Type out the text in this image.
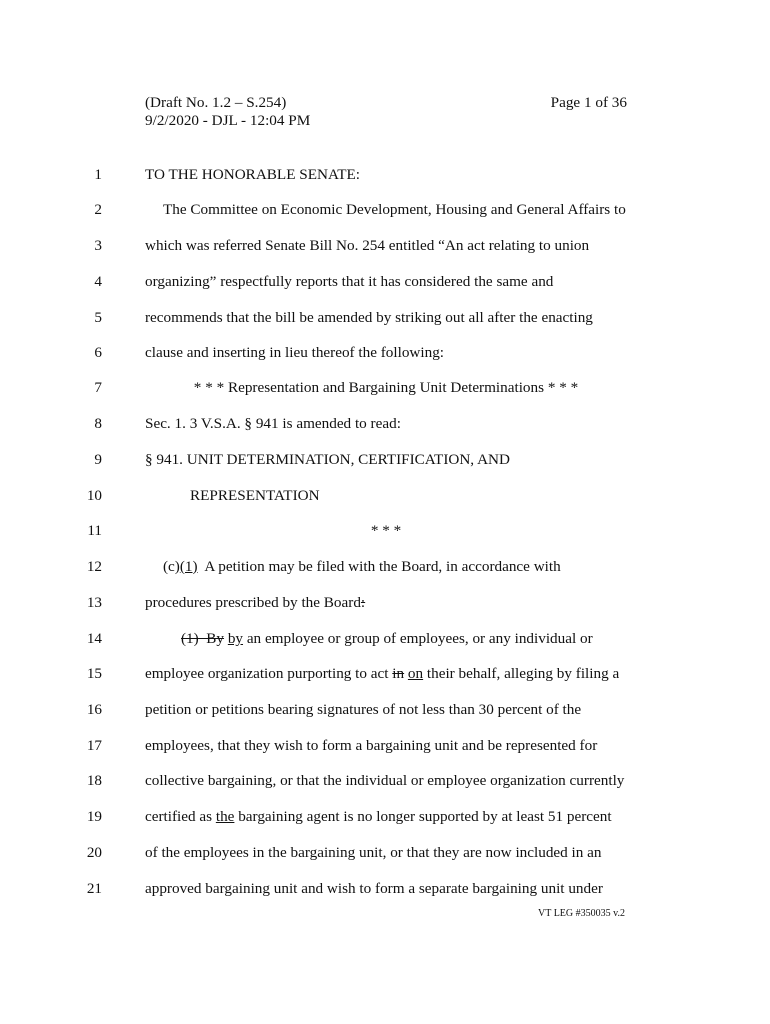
(Draft No. 1.2 – S.254)
9/2/2020 - DJL - 12:04 PM
Page 1 of 36
1	TO THE HONORABLE SENATE:
2	The Committee on Economic Development, Housing and General Affairs to
3	which was referred Senate Bill No. 254 entitled “An act relating to union
4	organizing” respectfully reports that it has considered the same and
5	recommends that the bill be amended by striking out all after the enacting
6	clause and inserting in lieu thereof the following:
7	* * * Representation and Bargaining Unit Determinations * * *
8	Sec. 1. 3 V.S.A. § 941 is amended to read:
9	§ 941. UNIT DETERMINATION, CERTIFICATION, AND
10	REPRESENTATION
11	* * *
12	(c)(1)  A petition may be filed with the Board, in accordance with
13	procedures prescribed by the Board:
14	(1)  By by an employee or group of employees, or any individual or
15	employee organization purporting to act in on their behalf, alleging by filing a
16	petition or petitions bearing signatures of not less than 30 percent of the
17	employees, that they wish to form a bargaining unit and be represented for
18	collective bargaining, or that the individual or employee organization currently
19	certified as the bargaining agent is no longer supported by at least 51 percent
20	of the employees in the bargaining unit, or that they are now included in an
21	approved bargaining unit and wish to form a separate bargaining unit under
VT LEG #350035 v.2
